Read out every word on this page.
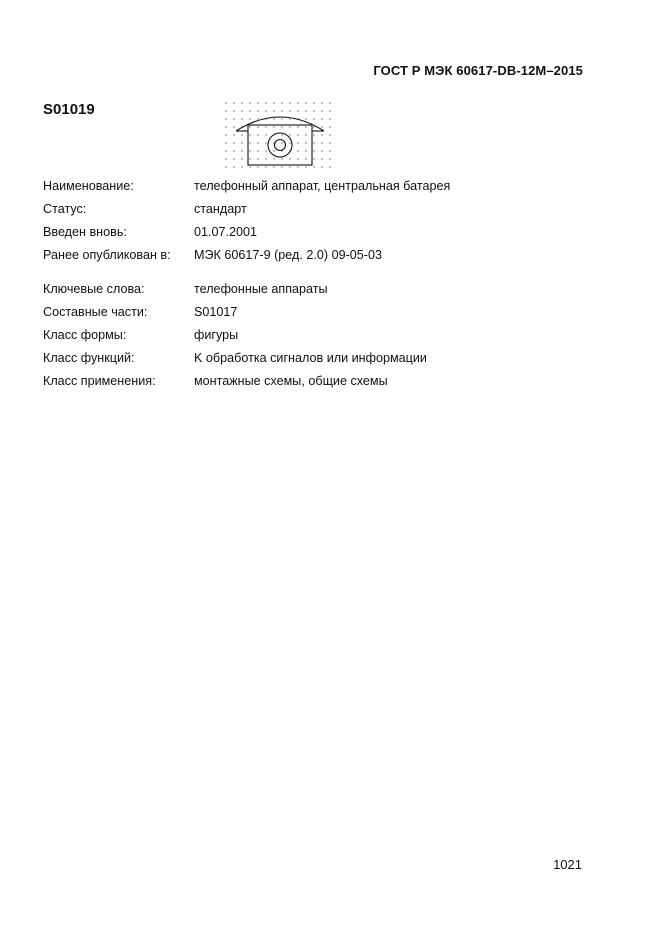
ГОСТ Р МЭК 60617-DB-12M–2015
S01019
Наименование:	телефонный аппарат, центральная батарея
Статус:	стандарт
Введен вновь:	01.07.2001
Ранее опубликован в:	МЭК 60617-9 (ред. 2.0) 09-05-03
Ключевые слова:	телефонные аппараты
Составные части:	S01017
Класс формы:	фигуры
Класс функций:	K обработка сигналов или информации
Класс применения:	монтажные схемы, общие схемы
1021
